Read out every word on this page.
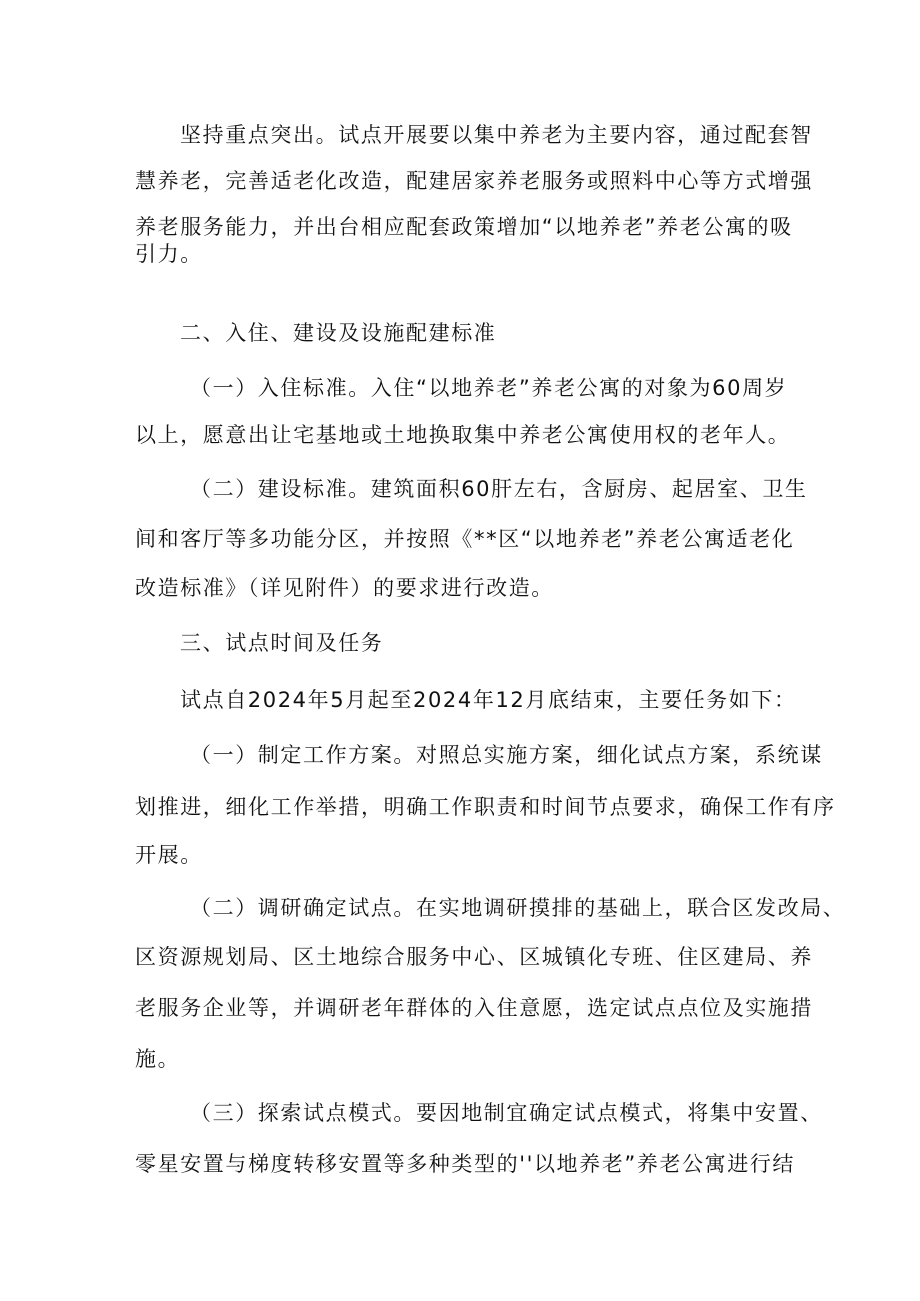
坚持重点突出。试点开展要以集中养老为主要内容，通过配套智
慧养老，完善适老化改造，配建居家养老服务或照料中心等方式增强
养老服务能力，并出台相应配套政策增加“以地养老”养老公寓的吸
引力。
二、入住、建设及设施配建标准
（一）入住标准。入住“以地养老”养老公寓的对象为60周岁
以上，愿意出让宅基地或土地换取集中养老公寓使用权的老年人。
（二）建设标准。建筑面积60肝左右，含厨房、起居室、卫生
间和客厅等多功能分区，并按照《**区“以地养老”养老公寓适老化
改造标准》（详见附件）的要求进行改造。
三、试点时间及任务
试点自2024年5月起至2024年12月底结束，主要任务如下：
（一）制定工作方案。对照总实施方案，细化试点方案，系统谋
划推进，细化工作举措，明确工作职责和时间节点要求，确保工作有序
开展。
（二）调研确定试点。在实地调研摸排的基础上，联合区发改局、
区资源规划局、区土地综合服务中心、区城镇化专班、住区建局、养
老服务企业等，并调研老年群体的入住意愿，选定试点点位及实施措
施。
（三）探索试点模式。要因地制宜确定试点模式，将集中安置、
零星安置与梯度转移安置等多种类型的''以地养老”养老公寓进行结
